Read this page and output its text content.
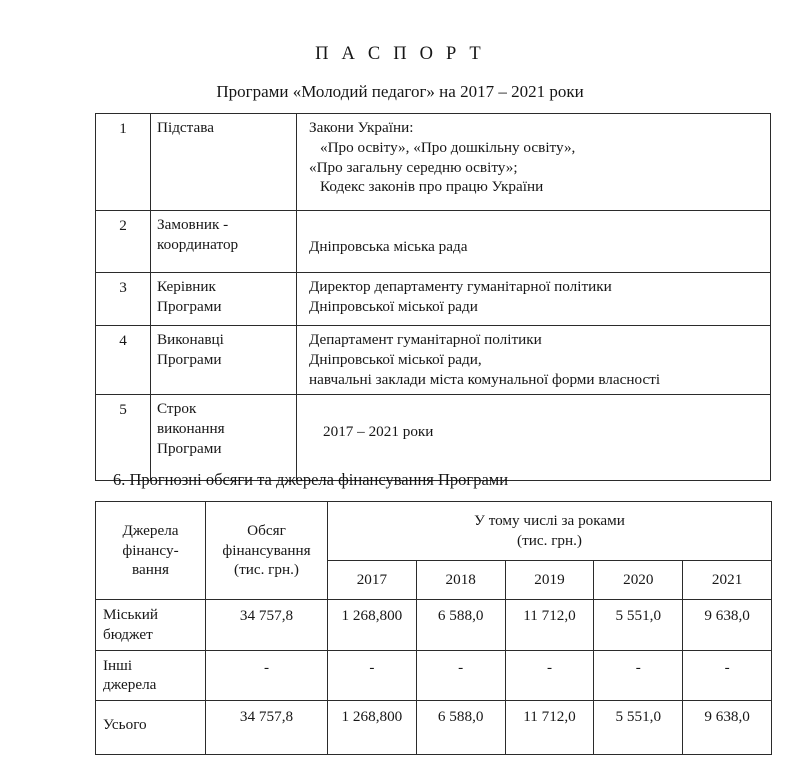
П А С П О Р Т
Програми «Молодий педагог» на 2017 – 2021 роки
1	Підстава	Закони України:
«Про освіту», «Про дошкільну освіту»,
«Про загальну середню освіту»;
Кодекс законів про працю України

2	Замовник -
координатор	Дніпровська міська рада

3	Керівник
Програми	Директор департаменту гуманітарної політики
Дніпровської міської ради

4	Виконавці
Програми	Департамент гуманітарної політики
Дніпровської міської ради,
навчальні заклади міста комунальної форми власності

5	Строк
виконання
Програми	2017 – 2021 роки
6. Прогнозні обсяги та джерела фінансування Програми
Джерела
фінансу-
вання	Обсяг
фінансування
(тис. грн.)	У тому числі за роками
(тис. грн.)				

		2017	2018	2019	2020	2021

Міський
бюджет	34 757,8	1 268,800	6 588,0	11 712,0	5 551,0	9 638,0

Інші
джерела	-	-	-	-	-	-

Усього	34 757,8	1 268,800	6 588,0	11 712,0	5 551,0	9 638,0
